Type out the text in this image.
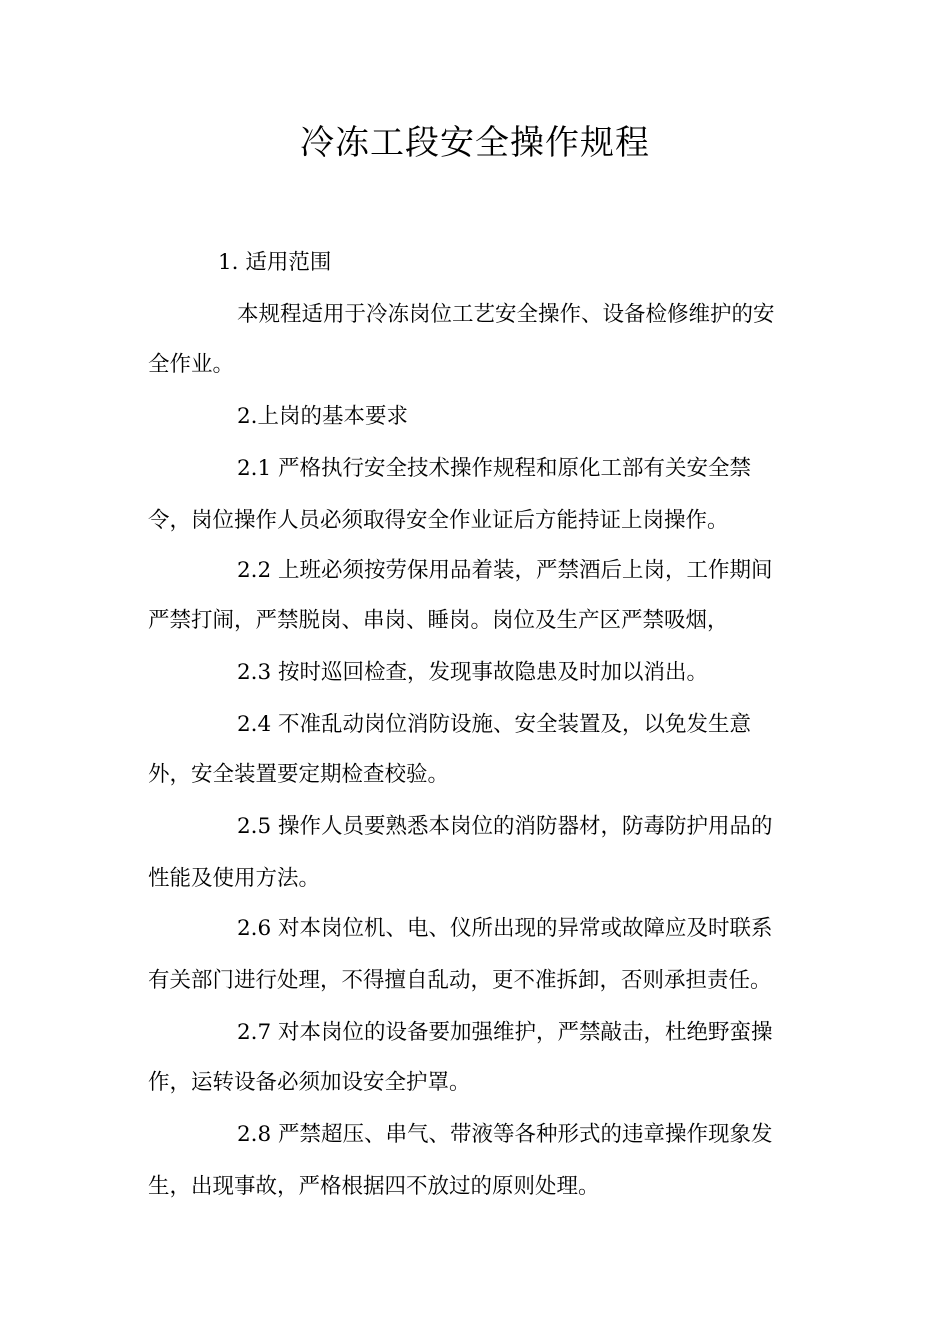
冷冻工段安全操作规程
1. 适用范围
本规程适用于冷冻岗位工艺安全操作、设备检修维护的安
全作业。
2.上岗的基本要求
2.1 严格执行安全技术操作规程和原化工部有关安全禁
令，岗位操作人员必须取得安全作业证后方能持证上岗操作。
2.2 上班必须按劳保用品着装，严禁酒后上岗，工作期间
严禁打闹，严禁脱岗、串岗、睡岗。岗位及生产区严禁吸烟，
2.3 按时巡回检查，发现事故隐患及时加以消出。
2.4 不准乱动岗位消防设施、安全装置及，以免发生意
外，安全装置要定期检查校验。
2.5 操作人员要熟悉本岗位的消防器材，防毒防护用品的
性能及使用方法。
2.6 对本岗位机、电、仪所出现的异常或故障应及时联系
有关部门进行处理，不得擅自乱动，更不准拆卸，否则承担责任。
2.7 对本岗位的设备要加强维护，严禁敲击，杜绝野蛮操
作，运转设备必须加设安全护罩。
2.8 严禁超压、串气、带液等各种形式的违章操作现象发
生，出现事故，严格根据四不放过的原则处理。
